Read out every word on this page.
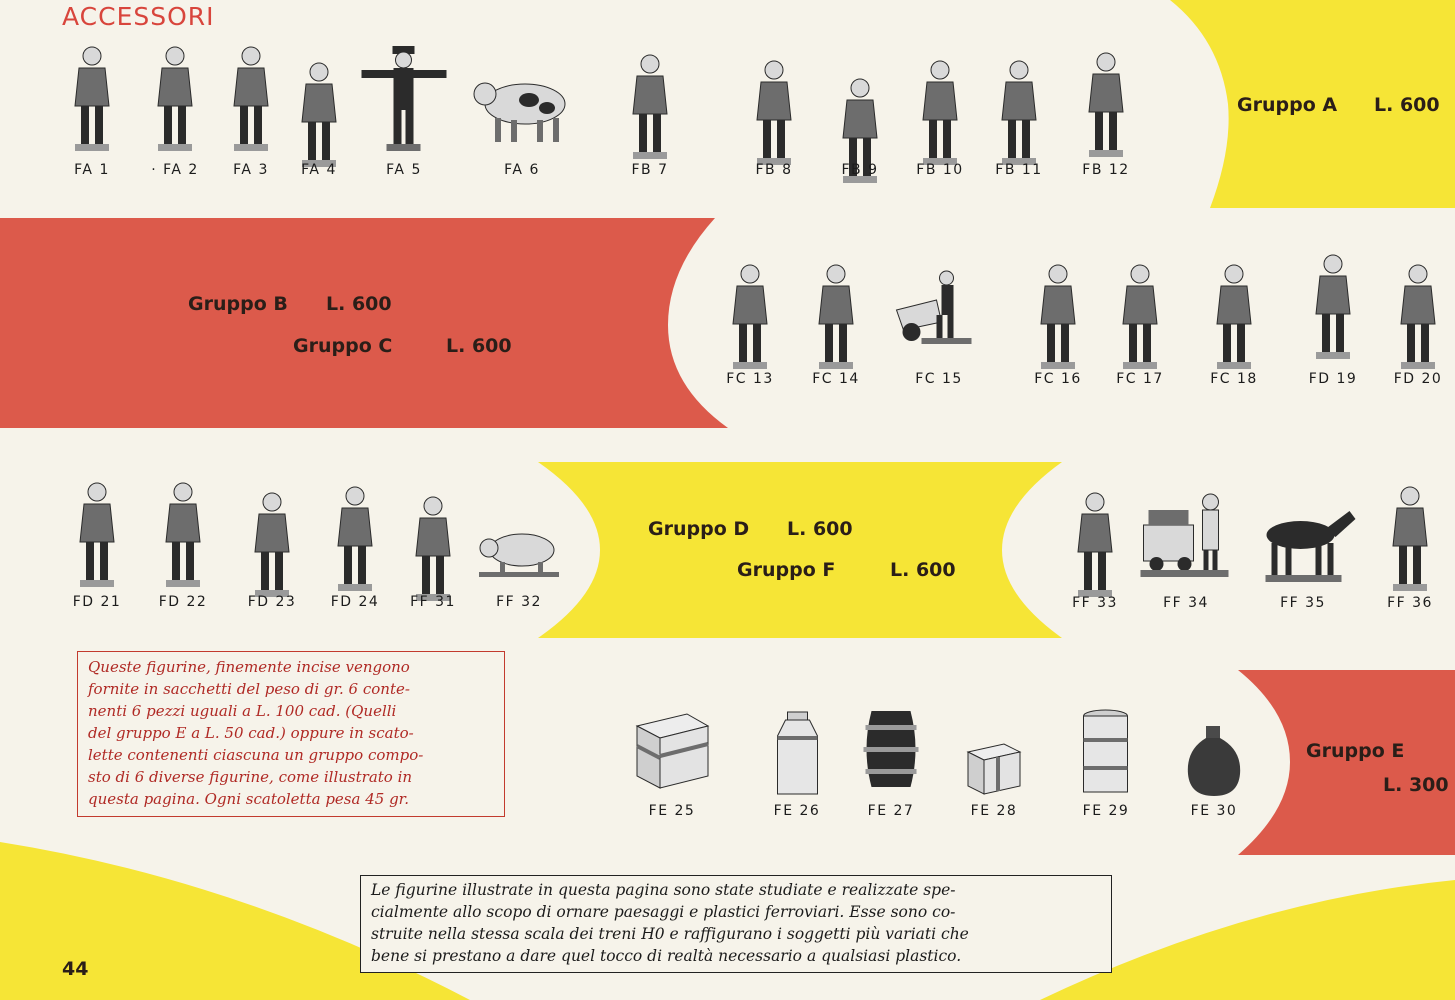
ACCESSORI
Gruppo A L. 600
Gruppo B L. 600
Gruppo C	L. 600
Gruppo D L. 600
Gruppo F	L. 600
Gruppo E
L. 300
FA 1	· FA 2 FA 3 FA 4	FA 5	FA 6	FB 7	FB 8	FB 9	FB 10 FB 11	FB 12
FC 13	FC 14	FC 15	FC 16 FC 17	FC 18	FD 19	FD 20
FD 21	FD 22	FD 23 FD 24 FF 31	FF 32	FF 33	FF 34	FF 35	FF 36
FE 25	FE 26	FE 27	FE 28	FE 29	FE 30
Queste figurine, finemente incise vengono
fornite in sacchetti del peso di gr. 6 conte-
nenti 6 pezzi uguali a L. 100 cad. (Quelli
del gruppo E a L. 50 cad.) oppure in scato-
lette contenenti ciascuna un gruppo compo-
sto di 6 diverse figurine, come illustrato in
questa pagina. Ogni scatoletta pesa 45 gr.
Le figurine illustrate in questa pagina sono state studiate e realizzate spe-
cialmente allo scopo di ornare paesaggi e plastici ferroviari. Esse sono co-
struite nella stessa scala dei treni H0 e raffigurano i soggetti più variati che
bene si prestano a dare quel tocco di realtà necessario a qualsiasi plastico.
44
